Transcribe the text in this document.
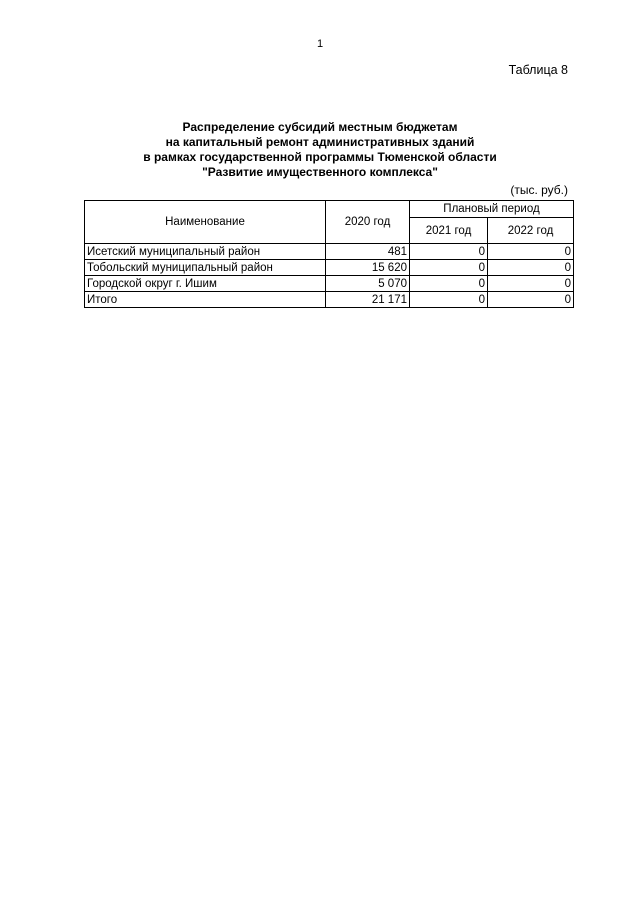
1
Таблица 8
Распределение субсидий местным бюджетам
на капитальный ремонт административных зданий
в рамках государственной программы Тюменской области
"Развитие имущественного комплекса"
(тыс. руб.)
Наименование	2020 год	Плановый период	
		2021 год	2022 год
Исетский муниципальный район	481	0	0
Тобольский муниципальный район	15 620	0	0
Городской округ г. Ишим	5 070	0	0
Итого	21 171	0	0
